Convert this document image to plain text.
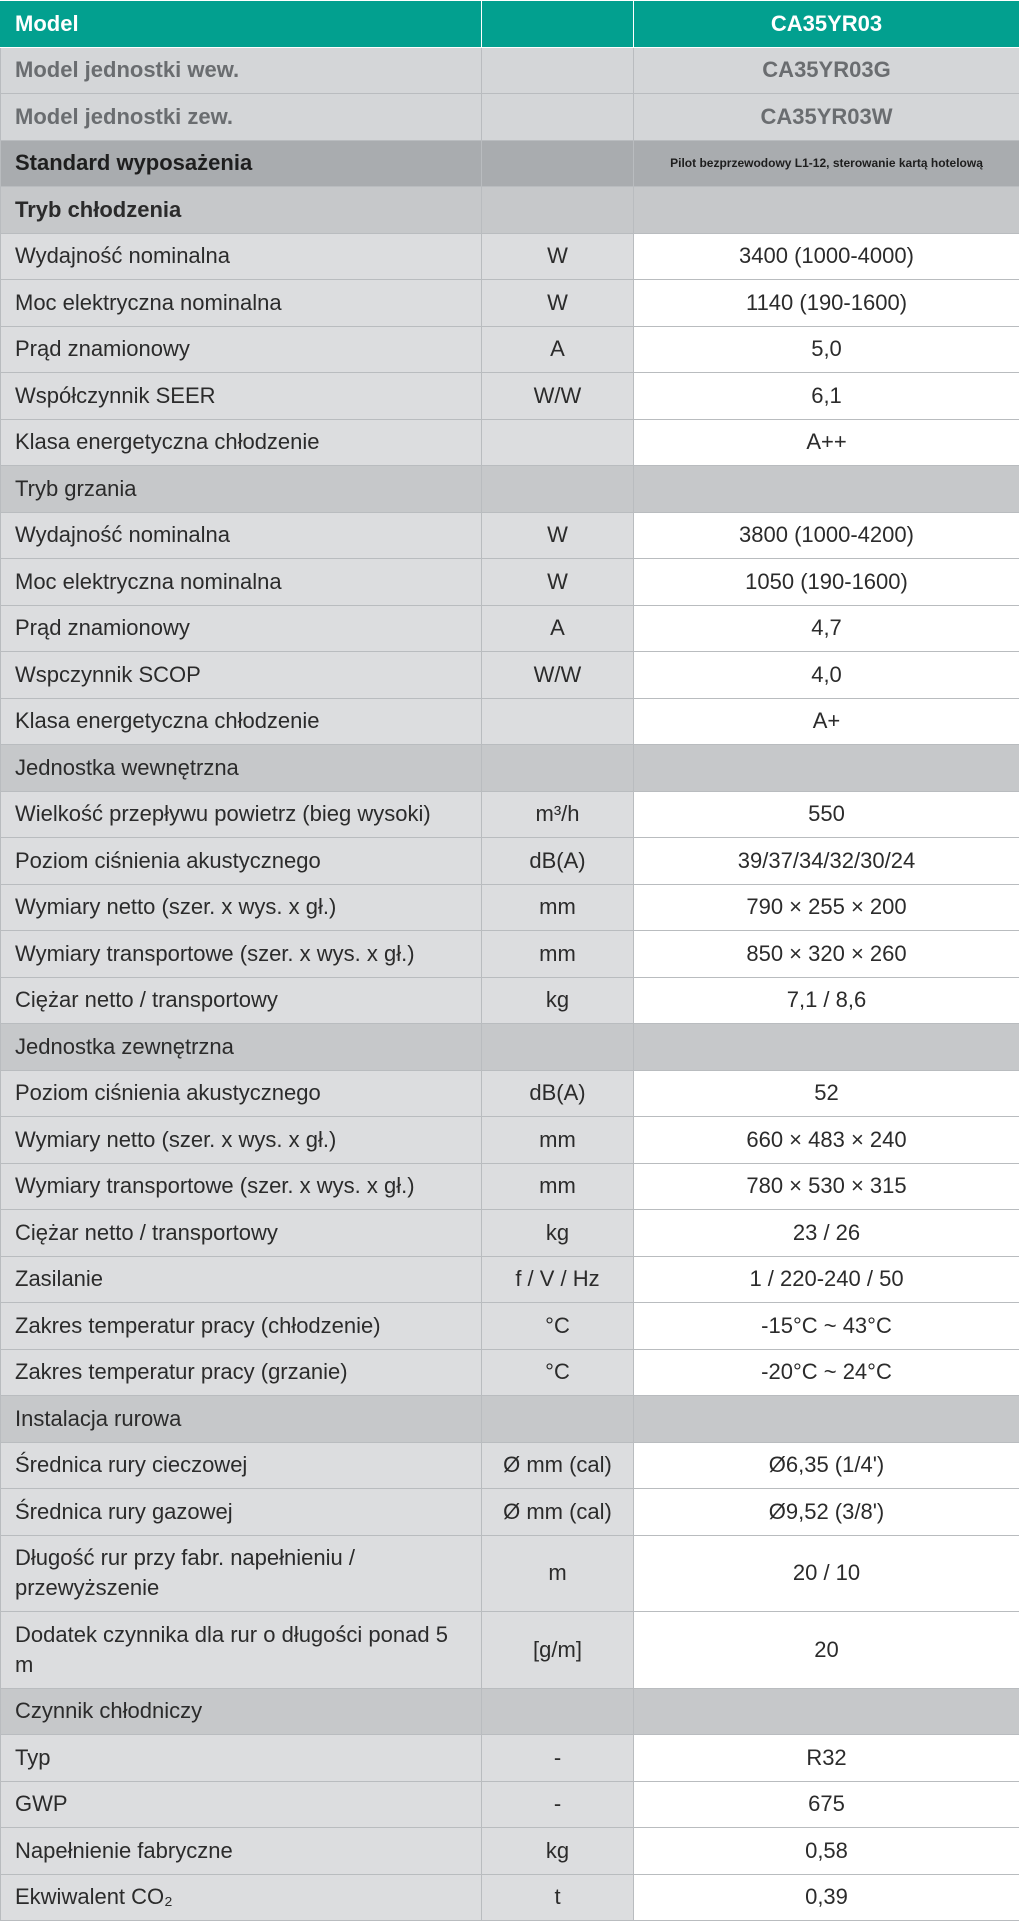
Model		CA35YR03
Model jednostki wew.		CA35YR03G
Model jednostki zew.		CA35YR03W
Standard wyposażenia		Pilot bezprzewodowy L1-12, sterowanie kartą hotelową
Tryb chłodzenia		
Wydajność nominalna	W	3400 (1000-4000)
Moc elektryczna nominalna	W	1140 (190-1600)
Prąd znamionowy	A	5,0
Współczynnik SEER	W/W	6,1
Klasa energetyczna chłodzenie		A++
Tryb grzania		
Wydajność nominalna	W	3800 (1000-4200)
Moc elektryczna nominalna	W	1050 (190-1600)
Prąd znamionowy	A	4,7
Wspczynnik SCOP	W/W	4,0
Klasa energetyczna chłodzenie		A+
Jednostka wewnętrzna		
Wielkość przepływu powietrz (bieg wysoki)	m³/h	550
Poziom ciśnienia akustycznego	dB(A)	39/37/34/32/30/24
Wymiary netto (szer. x wys. x gł.)	mm	790 × 255 × 200
Wymiary transportowe (szer. x wys. x gł.)	mm	850 × 320 × 260
Ciężar netto / transportowy	kg	7,1 / 8,6
Jednostka zewnętrzna		
Poziom ciśnienia akustycznego	dB(A)	52
Wymiary netto (szer. x wys. x gł.)	mm	660 × 483 × 240
Wymiary transportowe (szer. x wys. x gł.)	mm	780 × 530 × 315
Ciężar netto / transportowy	kg	23 / 26
Zasilanie	f / V / Hz	1 / 220-240 / 50
Zakres temperatur pracy (chłodzenie)	°C	-15°C ~ 43°C
Zakres temperatur pracy (grzanie)	°C	-20°C ~ 24°C
Instalacja rurowa		
Średnica rury cieczowej	Ø mm (cal)	Ø6,35 (1/4')
Średnica rury gazowej	Ø mm (cal)	Ø9,52 (3/8')
Długość rur przy fabr. napełnieniu / przewyższenie	m	20 / 10
Dodatek czynnika dla rur o długości ponad 5 m	[g/m]	20
Czynnik chłodniczy		
Typ	-	R32
GWP	-	675
Napełnienie fabryczne	kg	0,58
Ekwiwalent CO₂	t	0,39
